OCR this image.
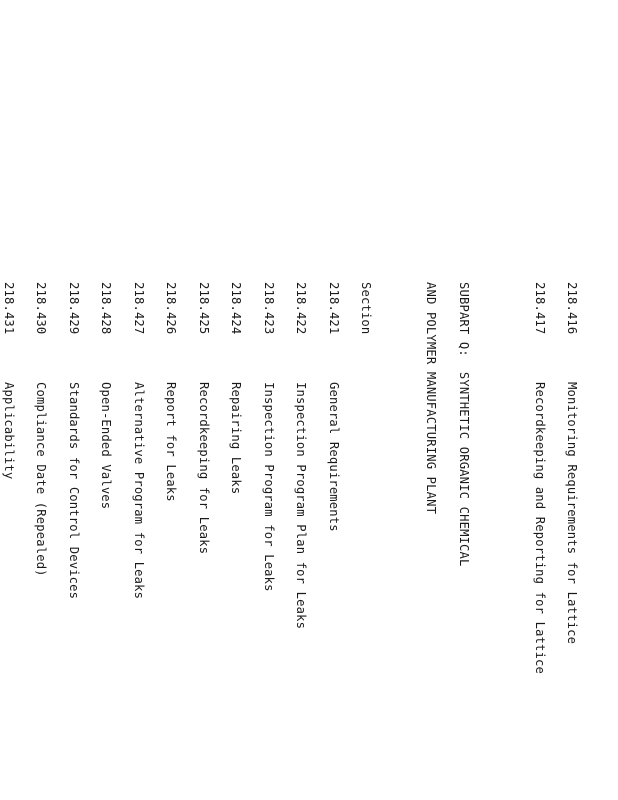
218.416
Monitoring Requirements for Lattice

218.417
Recordkeeping and Reporting for Lattice

SUBPART Q:  SYNTHETIC ORGANIC CHEMICAL

AND POLYMER MANUFACTURING PLANT

Section

218.421
General Requirements

218.422
Inspection Program Plan for Leaks

218.423
Inspection Program for Leaks

218.424
Repairing Leaks

218.425
Recordkeeping for Leaks

218.426
Report for Leaks

218.427
Alternative Program for Leaks

218.428
Open-Ended Valves

218.429
Standards for Control Devices

218.430
Compliance Date (Repealed)

218.431
Applicability
